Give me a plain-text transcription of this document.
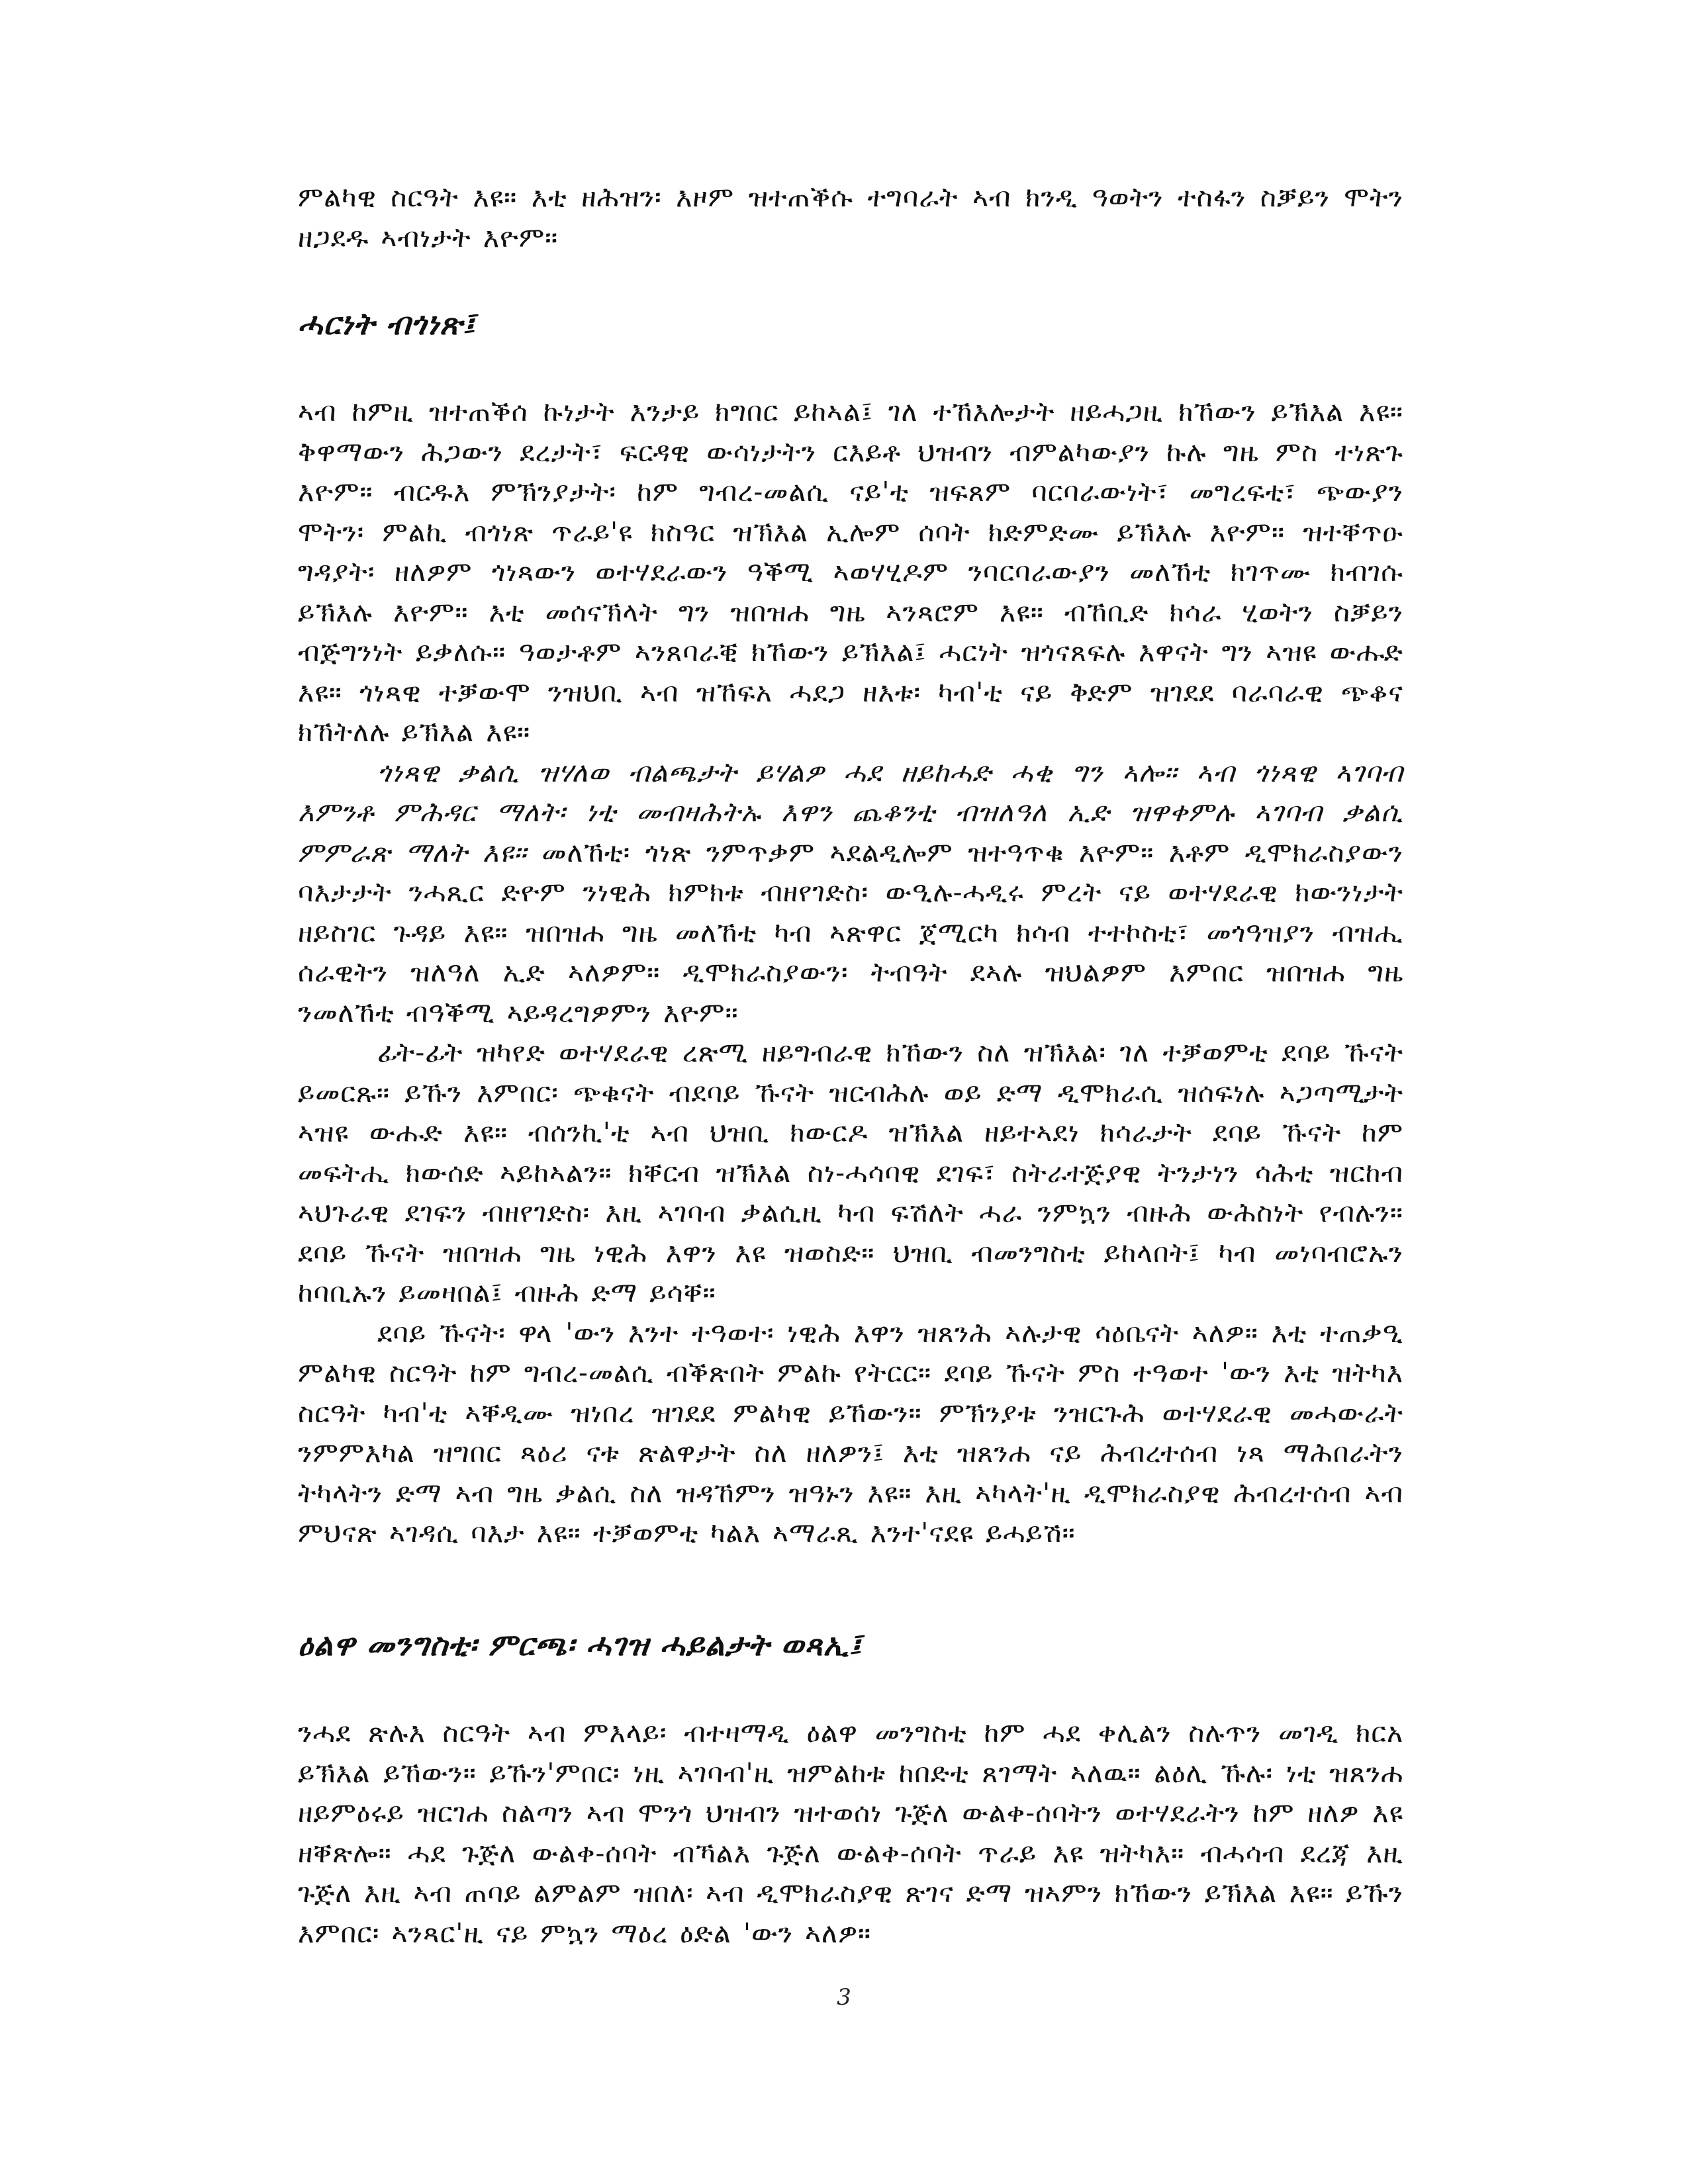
ምልካዊ ስርዓት እዩ። እቲ ዘሕዝን፡ እዞም ዝተጠቕሱ ተግባራት ኣብ ክንዲ ዓወትን ተስፋን ስቓይን ሞትን ዘጋደዱ ኣብነታት እዮም።

ሓርነት ብጎነጽ፤

ኣብ ከምዚ ዝተጠቕሰ ኩነታት እንታይ ክግበር ይከኣል፤ ገለ ተኸእሎታት ዘይሓጋዚ ክኸውን ይኽእል እዩ። ቅዋማውን ሕጋውን ደረታት፣ ፍርዳዊ ውሳነታትን ርእይቶ ህዝብን ብምልካውያን ኩሉ ግዜ ምስ ተነጽጉ እዮም። ብርዱእ ምኽንያታት፡ ከም ግብረ-መልሲ ናይ'ቲ ዝፍጸም ባርባራውነት፣ መግረፍቲ፣ ጭውያን ሞትን፡ ምልኪ ብጎነጽ ጥራይ'ዩ ክስዓር ዝኽእል ኢሎም ሰባት ክድምድሙ ይኽእሉ እዮም። ዝተቐጥዑ ግዳያት፡ ዘለዎም ጎነጻውን ወተሃደራውን ዓቕሚ ኣወሃሂዶም ንባርባራውያን መለኸቲ ክገጥሙ ክብገሱ ይኽእሉ እዮም። እቲ መሰናኽላት ግን ዝበዝሐ ግዜ ኣንጻሮም እዩ። ብኸቢድ ክሳራ ሂወትን ስቓይን ብጅግንነት ይቃለሱ። ዓወታቶም ኣንጸባራቒ ክኸውን ይኽእል፤ ሓርነት ዝጎናጸፍሉ እዋናት ግን ኣዝዩ ውሑድ እዩ። ጎነጻዊ ተቓውሞ ንዝህቢ ኣብ ዝኸፍአ ሓደጋ ዘእቱ፡ ካብ'ቲ ናይ ቅድም ዝገደደ ባራባራዊ ጭቆና ክኸትለሉ ይኽእል እዩ።

ጎነጻዊ ቃልሲ ዝሃለወ ብልጫታት ይሃልዎ ሓደ ዘይከሓድ ሓቂ ግን ኣሎ። ኣብ ጎነጻዊ ኣገባብ እምንቶ ምሕዳር ማለት፡ ነቲ መብዛሕትኡ እዋን ጨቆንቲ ብዝለዓለ ኢድ ዝዋቀምሉ ኣገባብ ቃልሲ ምምራጽ ማለት እዩ። መለኸቲ፡ ጎነጽ ንምጥቃም ኣደልዲሎም ዝተዓጥቁ እዮም። እቶም ዲሞክራስያውን ባእታታት ንሓጺር ድዮም ንነዊሕ ክምክቱ ብዘየገድስ፡ ውዒሉ-ሓዲሩ ምረት ናይ ወተሃደራዊ ክውንነታት ዘይስገር ጉዳይ እዩ። ዝበዝሐ ግዜ መለኸቲ ካብ ኣጽዋር ጀሚርካ ክሳብ ተተኮስቲ፣ መጎዓዝያን ብዝሒ ሰራዊትን ዝለዓለ ኢድ ኣለዎም። ዲሞክራስያውን፡ ትብዓት ደኣሉ ዝህልዎም እምበር ዝበዝሐ ግዜ ንመለኸቲ ብዓቕሚ ኣይዳረግዎምን እዮም።

ፊት-ፊት ዝካየድ ወተሃደራዊ ረጽሚ ዘይግብራዊ ክኸውን ስለ ዝኽእል፡ ገለ ተቓወምቲ ደባይ ኹናት ይመርጹ። ይኹን እምበር፡ ጭቁናት ብደባይ ኹናት ዝርብሕሉ ወይ ድማ ዲሞክራሲ ዝሰፍነሉ ኣጋጣሚታት ኣዝዩ ውሑድ እዩ። ብሰንኪ'ቲ ኣብ ህዝቢ ክውርዶ ዝኽእል ዘይተኣደነ ክሳራታት ደባይ ኹናት ከም መፍትሒ ክውሰድ ኣይከኣልን። ክቐርብ ዝኽእል ስነ-ሓሳባዊ ደገፍ፣ ስትራተጅያዊ ትንታነን ሳሕቲ ዝርከብ ኣህጉራዊ ደገፍን ብዘየገድስ፡ እዚ ኣገባብ ቃልሲዚ ካብ ፍሽለት ሓራ ንምኳን ብዙሕ ውሕስነት የብሉን። ደባይ ኹናት ዝበዝሐ ግዜ ነዊሕ እዋን እዩ ዝወስድ። ህዝቢ ብመንግስቲ ይከላበት፤ ካብ መነባብሮኡን ከባቢኡን ይመዛበል፤ ብዙሕ ድማ ይሳቐ።

ደባይ ኹናት፡ ዋላ 'ውን እንተ ተዓወተ፡ ነዊሕ እዋን ዝጸንሕ ኣሉታዊ ሳዕቤናት ኣለዎ። እቲ ተጠቃዒ ምልካዊ ስርዓት ከም ግብረ-መልሲ ብቕጽበት ምልኩ የትርር። ደባይ ኹናት ምስ ተዓወተ 'ውን እቲ ዝትካእ ስርዓት ካብ'ቲ ኣቐዲሙ ዝነበረ ዝገደደ ምልካዊ ይኸውን። ምኽንያቱ ንዝርጉሕ ወተሃደራዊ መሓውራት ንምምእካል ዝግበር ጻዕሪ ናቱ ጽልዋታት ስለ ዘለዎን፤ እቲ ዝጸንሐ ናይ ሕብረተሰብ ነጻ ማሕበራትን ትካላትን ድማ ኣብ ግዜ ቃልሲ ስለ ዝዳኸምን ዝዓኑን እዩ። እዚ ኣካላት'ዚ ዲሞክራስያዊ ሕብረተሰብ ኣብ ምህናጽ ኣገዳሲ ባእታ እዩ። ተቓወምቲ ካልእ ኣማራጺ እንተ'ናደዩ ይሓይሽ።

ዕልዋ መንግስቲ፡ ምርጫ፡ ሓገዝ ሓይልታት ወጻኢ፤

ንሓደ ጽሉእ ስርዓት ኣብ ምእላይ፡ ብተዛማዲ ዕልዋ መንግስቲ ከም ሓደ ቀሊልን ስሉጥን መገዲ ክርአ ይኽእል ይኸውን። ይኹን'ምበር፡ ነዚ ኣገባብ'ዚ ዝምልከቱ ከበድቲ ጸገማት ኣለዉ። ልዕሊ ኹሉ፡ ነቲ ዝጸንሐ ዘይምዕሩይ ዝርገሐ ስልጣን ኣብ ሞንጎ ህዝብን ዝተወሰነ ጉጅለ ውልቀ-ሰባትን ወተሃደራትን ከም ዘለዎ እዩ ዘቐጽሎ። ሓደ ጉጅለ ውልቀ-ሰባት ብኻልእ ጉጅለ ውልቀ-ሰባት ጥራይ እዩ ዝትካእ። ብሓሳብ ደረጃ እዚ ጉጅለ እዚ ኣብ ጠባይ ልምልም ዝበለ፡ ኣብ ዲሞክራስያዊ ጽገና ድማ ዝኣምን ክኸውን ይኽእል እዩ። ይኹን እምበር፡ ኣንጻር'ዚ ናይ ምኳን ማዕረ ዕድል 'ውን ኣለዎ።

3
